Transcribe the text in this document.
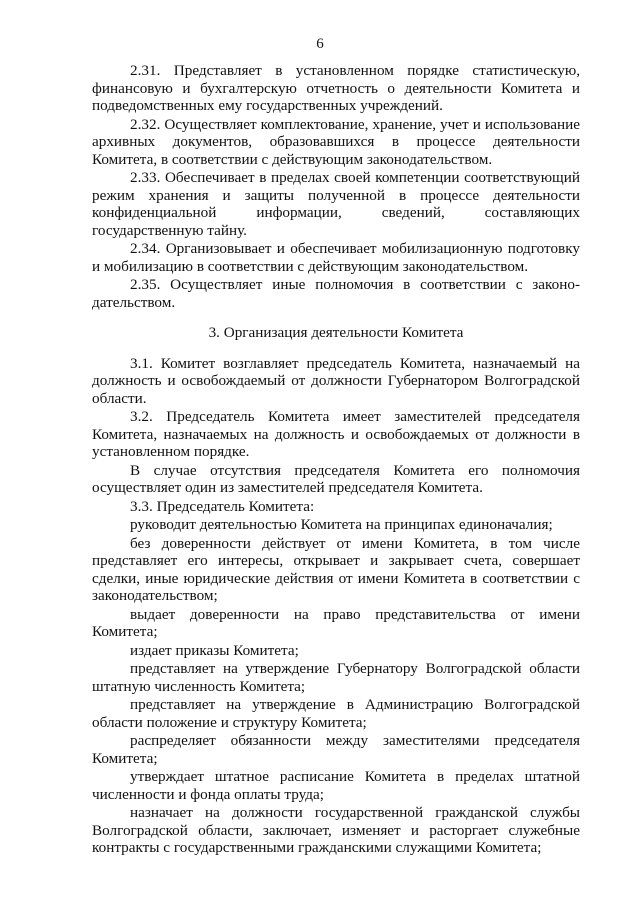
6

2.31. Представляет в установленном порядке статистическую, финансовую и бухгалтерскую отчетность о деятельности Комитета и подведомственных ему государственных учреждений.

2.32. Осуществляет комплектование, хранение, учет и использование архивных документов, образовавшихся в процессе деятельности Комитета, в соответствии с действующим законодательством.

2.33. Обеспечивает в пределах своей компетенции соответствующий режим хранения и защиты полученной в процессе деятельности конфиденциальной информации, сведений, составляющих государственную тайну.

2.34. Организовывает и обеспечивает мобилизационную подготовку и мобилизацию в соответствии с действующим законодательством.

2.35. Осуществляет иные полномочия в соответствии с законодательством.

3. Организация деятельности Комитета

3.1. Комитет возглавляет председатель Комитета, назначаемый на должность и освобождаемый от должности Губернатором Волгоградской области.

3.2. Председатель Комитета имеет заместителей председателя Комитета, назначаемых на должность и освобождаемых от должности в установленном порядке.

В случае отсутствия председателя Комитета его полномочия осуществляет один из заместителей председателя Комитета.

3.3. Председатель Комитета:

руководит деятельностью Комитета на принципах единоначалия;

без доверенности действует от имени Комитета, в том числе представляет его интересы, открывает и закрывает счета, совершает сделки, иные юридические действия от имени Комитета в соответствии с законодательством;

выдает доверенности на право представительства от имени Комитета;

издает приказы Комитета;

представляет на утверждение Губернатору Волгоградской области штатную численность Комитета;

представляет на утверждение в Администрацию Волгоградской области положение и структуру Комитета;

распределяет обязанности между заместителями председателя Комитета;

утверждает штатное расписание Комитета в пределах штатной численности и фонда оплаты труда;

назначает на должности государственной гражданской службы Волгоградской области, заключает, изменяет и расторгает служебные контракты с государственными гражданскими служащими Комитета;
